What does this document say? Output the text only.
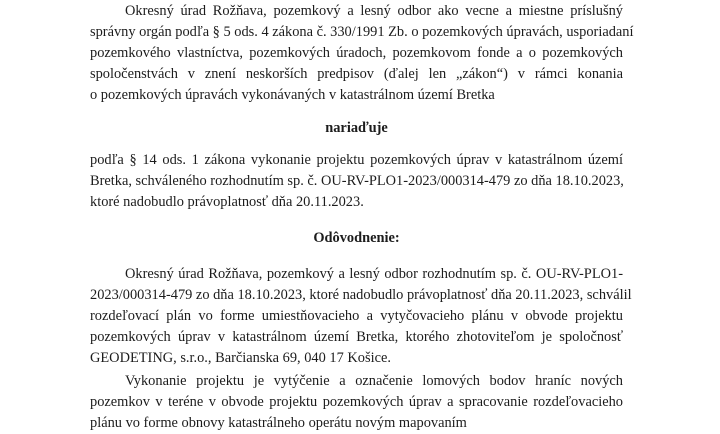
Okresný úrad Rožňava, pozemkový a lesný odbor ako vecne a miestne príslušný
správny orgán podľa § 5 ods. 4 zákona č. 330/1991 Zb. o pozemkových úpravách, usporiadaní
pozemkového vlastníctva, pozemkových úradoch, pozemkovom fonde a o pozemkových
spoločenstvách v znení neskorších predpisov (ďalej len „zákon“) v rámci konania
o pozemkových úpravách vykonávaných v katastrálnom území Bretka
nariaďuje
podľa § 14 ods. 1 zákona vykonanie projektu pozemkových úprav v katastrálnom území
Bretka, schváleného rozhodnutím sp. č. OU-RV-PLO1-2023/000314-479 zo dňa 18.10.2023,
ktoré nadobudlo právoplatnosť dňa 20.11.2023.
Odôvodnenie:
Okresný úrad Rožňava, pozemkový a lesný odbor rozhodnutím sp. č. OU-RV-PLO1-
2023/000314-479 zo dňa 18.10.2023, ktoré nadobudlo právoplatnosť dňa 20.11.2023, schválil
rozdeľovací plán vo forme umiestňovacieho a vytyčovacieho plánu v obvode projektu
pozemkových úprav v katastrálnom území Bretka, ktorého zhotoviteľom je spoločnosť
GEODETING, s.r.o., Barčianska 69, 040 17 Košice.
Vykonanie projektu je vytýčenie a označenie lomových bodov hraníc nových
pozemkov v teréne v obvode projektu pozemkových úprav a spracovanie rozdeľovacieho
plánu vo forme obnovy katastrálneho operátu novým mapovaním
